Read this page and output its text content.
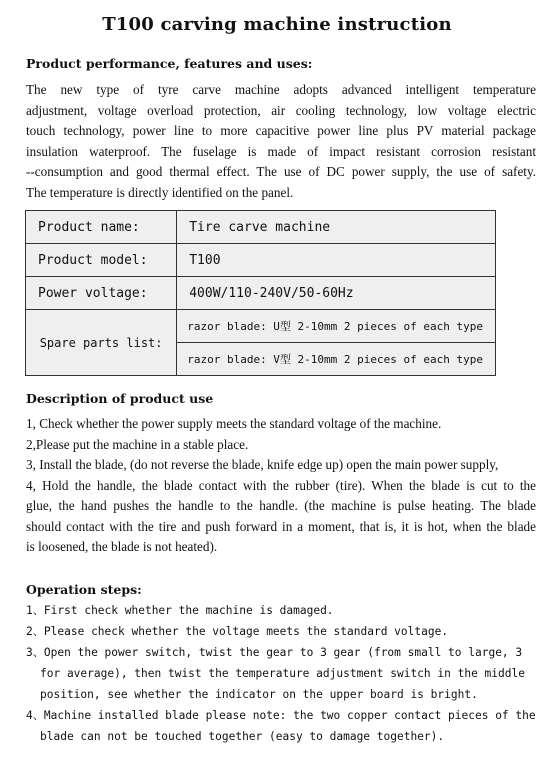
T100 carving machine instruction
Product performance, features and uses:
The new type of tyre carve machine adopts advanced intelligent temperature
adjustment, voltage overload protection, air cooling technology, low voltage electric
touch technology, power line to more capacitive power line plus PV material package
insulation waterproof. The fuselage is made of impact resistant corrosion resistant
--consumption and good thermal effect. The use of DC power supply, the use of safety.
The temperature is directly identified on the panel.
Product name:	Tire carve machine
Product model:	T100
Power voltage:	400W/110-240V/50-60Hz
Spare parts list:	razor blade: U型 2-10mm 2 pieces of each type
	razor blade: V型 2-10mm 2 pieces of each type
Description of product use
1, Check whether the power supply meets the standard voltage of the machine.
2,Please put the machine in a stable place.
3, Install the blade, (do not reverse the blade, knife edge up) open the main power supply,
4, Hold the handle, the blade contact with the rubber (tire). When the blade is cut to the
glue, the hand pushes the handle to the handle. (the machine is pulse heating. The blade
should contact with the tire and push forward in a moment, that is, it is hot, when the blade
is loosened, the blade is not heated).
Operation steps:
1、First check whether the machine is damaged.
2、Please check whether the voltage meets the standard voltage.
3、Open the power switch, twist the gear to 3 gear (from small to large, 3
for average), then twist the temperature adjustment switch in the middle
position, see whether the indicator on the upper board is bright.
4、Machine installed blade please note: the two copper contact pieces of the
blade can not be touched together (easy to damage together).
